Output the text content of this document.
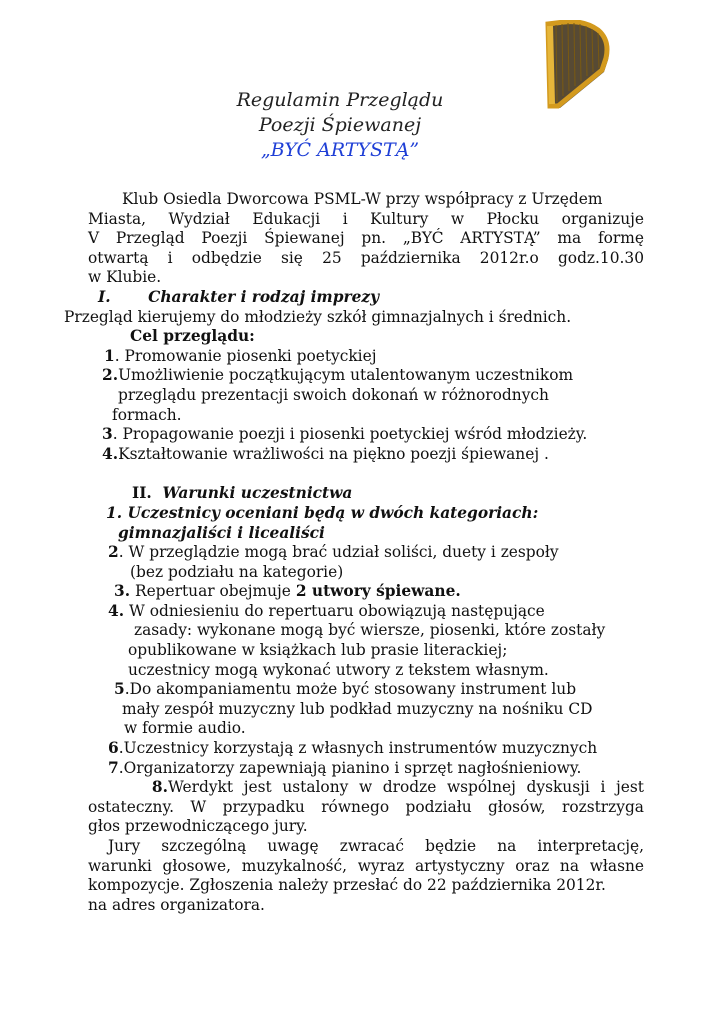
Regulamin Przeglądu
Poezji Śpiewanej
„BYĆ ARTYSTĄ”

Klub Osiedla Dworcowa PSML-W przy współpracy z Urzędem

Miasta, Wydział Edukacji i Kultury w Płocku organizuje

V Przegląd Poezji Śpiewanej pn. „BYĆ ARTYSTĄ” ma formę

otwartą i odbędzie się 25 października 2012r.o godz.10.30

w Klubie.

I. Charakter i rodzaj imprezy

Przegląd kierujemy do młodzieży szkół gimnazjalnych i średnich.

Cel przeglądu:

1. Promowanie piosenki poetyckiej

2.Umożliwienie początkującym utalentowanym uczestnikom

przeglądu prezentacji swoich dokonań w różnorodnych

formach.

3. Propagowanie poezji i piosenki poetyckiej wśród młodzieży.

4.Kształtowanie wrażliwości na piękno poezji śpiewanej .

II. Warunki uczestnictwa

1. Uczestnicy oceniani będą w dwóch kategoriach:

gimnazjaliści i licealiści

2. W przeglądzie mogą brać udział soliści, duety i zespoły

(bez podziału na kategorie)

3. Repertuar obejmuje 2 utwory śpiewane.

4. W odniesieniu do repertuaru obowiązują następujące

zasady: wykonane mogą być wiersze, piosenki, które zostały

opublikowane w książkach lub prasie literackiej;

uczestnicy mogą wykonać utwory z tekstem własnym.

5.Do akompaniamentu może być stosowany instrument lub

mały zespół muzyczny lub podkład muzyczny na nośniku CD

w formie audio.

6.Uczestnicy korzystają z własnych instrumentów muzycznych

7.Organizatorzy zapewniają pianino i sprzęt nagłośnieniowy.

8.Werdykt jest ustalony w drodze wspólnej dyskusji i jest

ostateczny. W przypadku równego podziału głosów, rozstrzyga

głos przewodniczącego jury.

Jury szczególną uwagę zwracać będzie na interpretację,

warunki głosowe, muzykalność, wyraz artystyczny oraz na własne

kompozycje. Zgłoszenia należy przesłać do 22 października 2012r.

na adres organizatora.
